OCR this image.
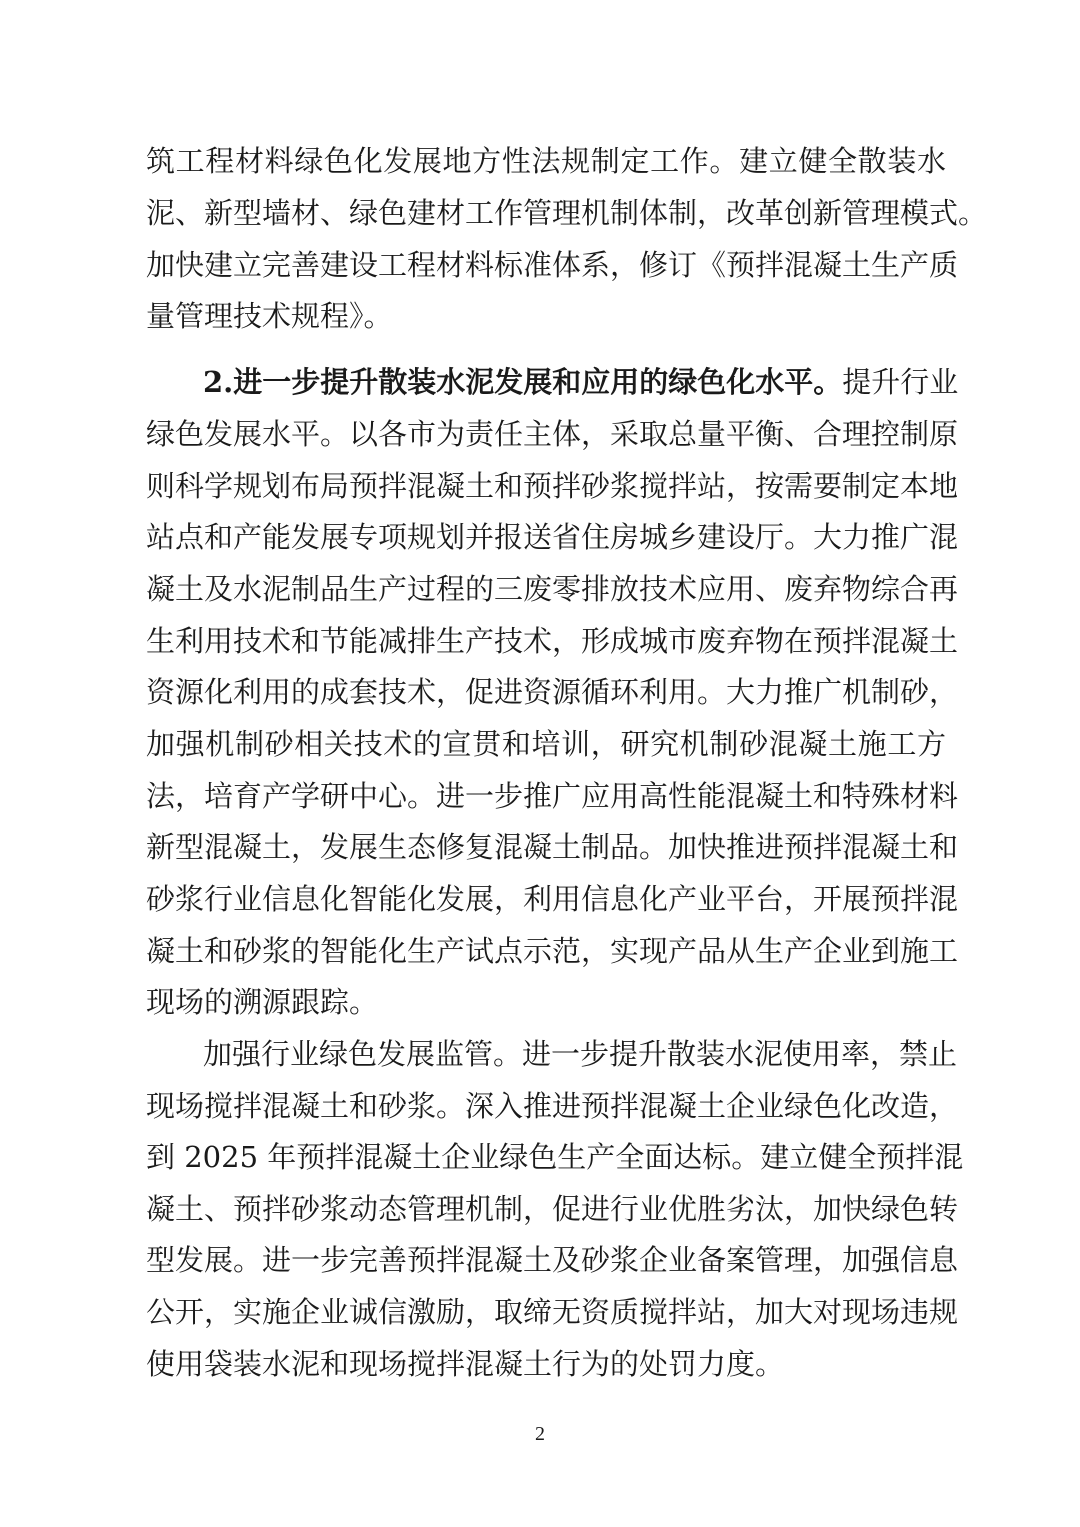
筑工程材料绿色化发展地方性法规制定工作。建立健全散装水
泥、新型墙材、绿色建材工作管理机制体制，改革创新管理模式。
加快建立完善建设工程材料标准体系，修订《预拌混凝土生产质
量管理技术规程》。
2.进一步提升散装水泥发展和应用的绿色化水平。提升行业
绿色发展水平。以各市为责任主体，采取总量平衡、合理控制原
则科学规划布局预拌混凝土和预拌砂浆搅拌站，按需要制定本地
站点和产能发展专项规划并报送省住房城乡建设厅。大力推广混
凝土及水泥制品生产过程的三废零排放技术应用、废弃物综合再
生利用技术和节能减排生产技术，形成城市废弃物在预拌混凝土
资源化利用的成套技术，促进资源循环利用。大力推广机制砂，
加强机制砂相关技术的宣贯和培训，研究机制砂混凝土施工方
法，培育产学研中心。进一步推广应用高性能混凝土和特殊材料
新型混凝土，发展生态修复混凝土制品。加快推进预拌混凝土和
砂浆行业信息化智能化发展，利用信息化产业平台，开展预拌混
凝土和砂浆的智能化生产试点示范，实现产品从生产企业到施工
现场的溯源跟踪。
加强行业绿色发展监管。进一步提升散装水泥使用率，禁止
现场搅拌混凝土和砂浆。深入推进预拌混凝土企业绿色化改造，
到 2025 年预拌混凝土企业绿色生产全面达标。建立健全预拌混
凝土、预拌砂浆动态管理机制，促进行业优胜劣汰，加快绿色转
型发展。进一步完善预拌混凝土及砂浆企业备案管理，加强信息
公开，实施企业诚信激励，取缔无资质搅拌站，加大对现场违规
使用袋装水泥和现场搅拌混凝土行为的处罚力度。
2
